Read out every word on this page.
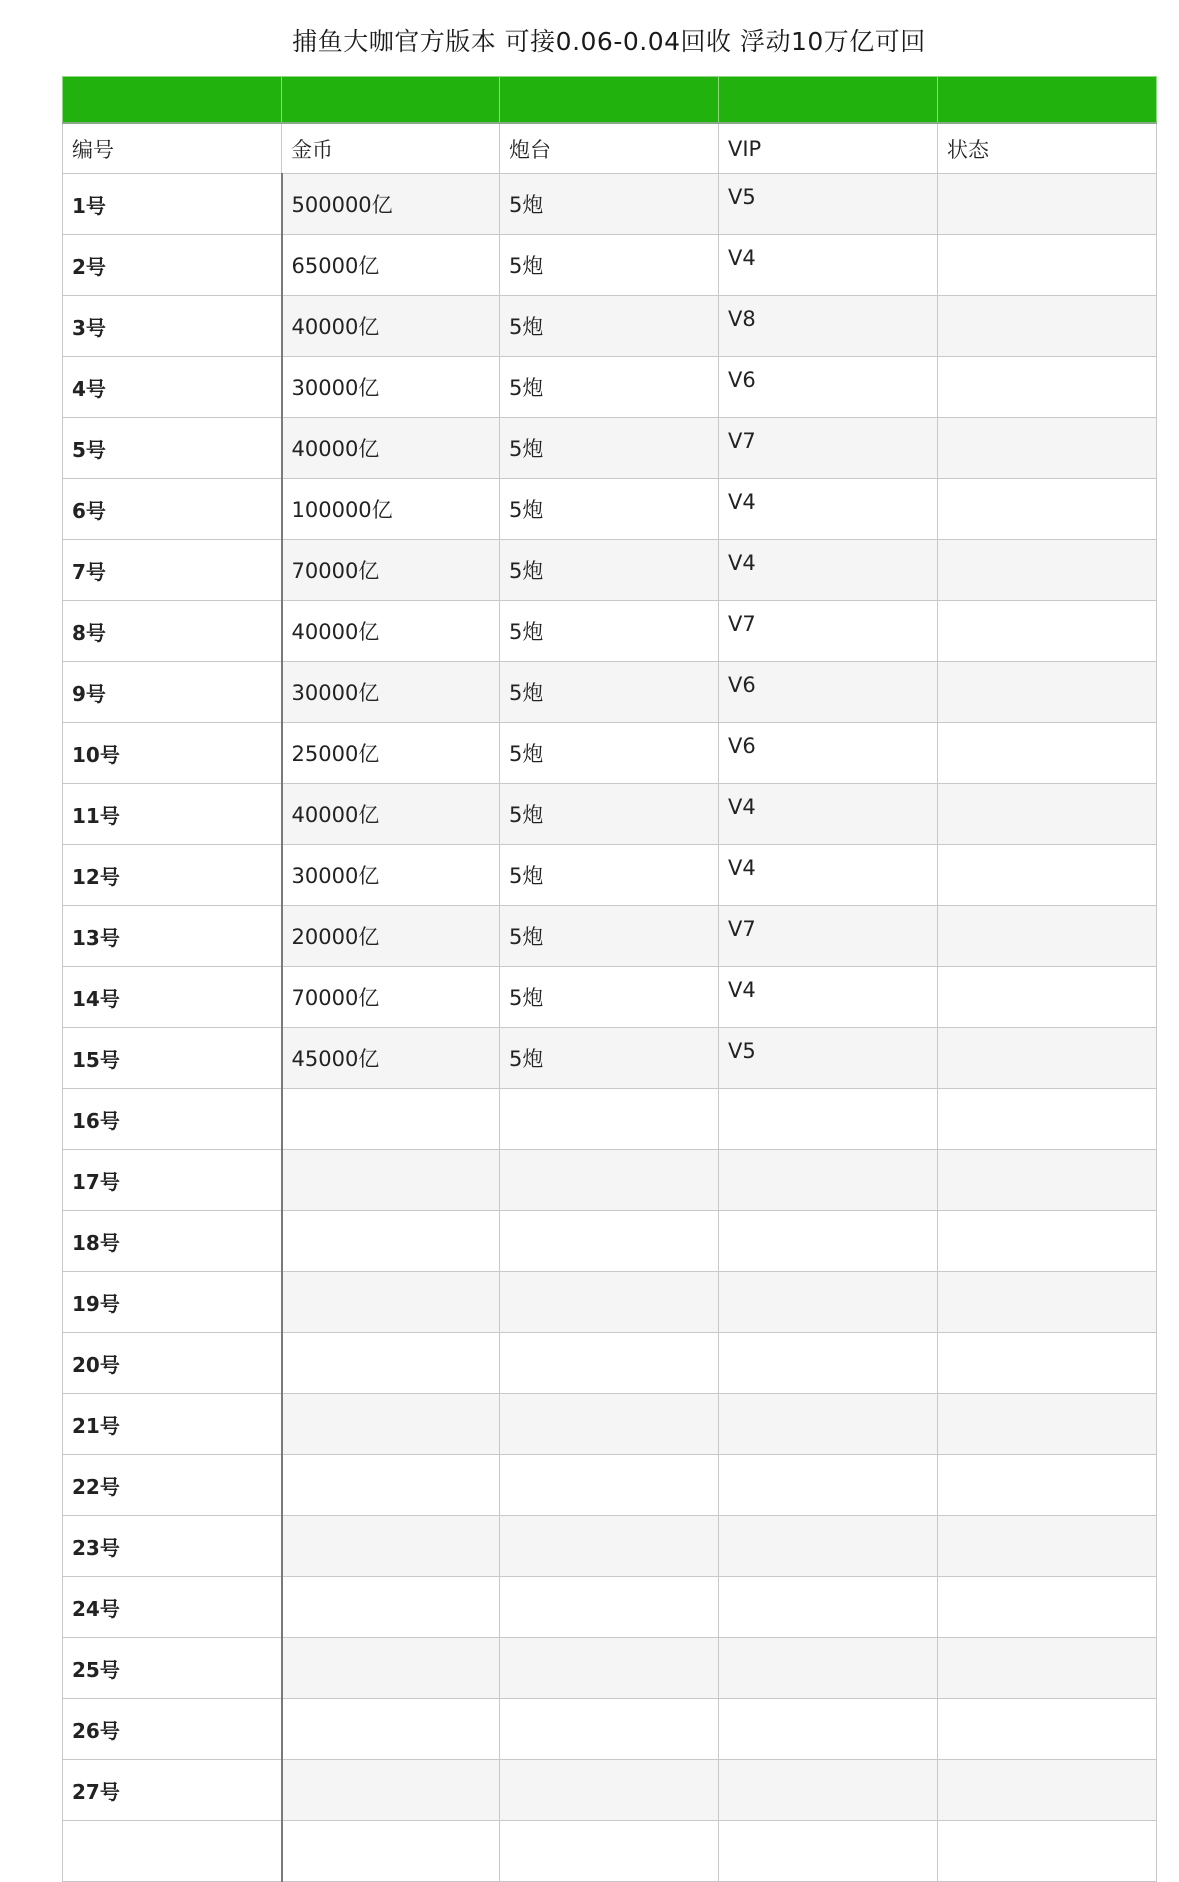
捕鱼大咖官方版本 可接0.06-0.04回收 浮动10万亿可回

编号	金币	炮台	VIP	状态
1号	500000亿	5炮	V5	
2号	65000亿	5炮	V4	
3号	40000亿	5炮	V8	
4号	30000亿	5炮	V6	
5号	40000亿	5炮	V7	
6号	100000亿	5炮	V4	
7号	70000亿	5炮	V4	
8号	40000亿	5炮	V7	
9号	30000亿	5炮	V6	
10号	25000亿	5炮	V6	
11号	40000亿	5炮	V4	
12号	30000亿	5炮	V4	
13号	20000亿	5炮	V7	
14号	70000亿	5炮	V4	
15号	45000亿	5炮	V5	
16号				
17号				
18号				
19号				
20号				
21号				
22号				
23号				
24号				
25号				
26号				
27号				
